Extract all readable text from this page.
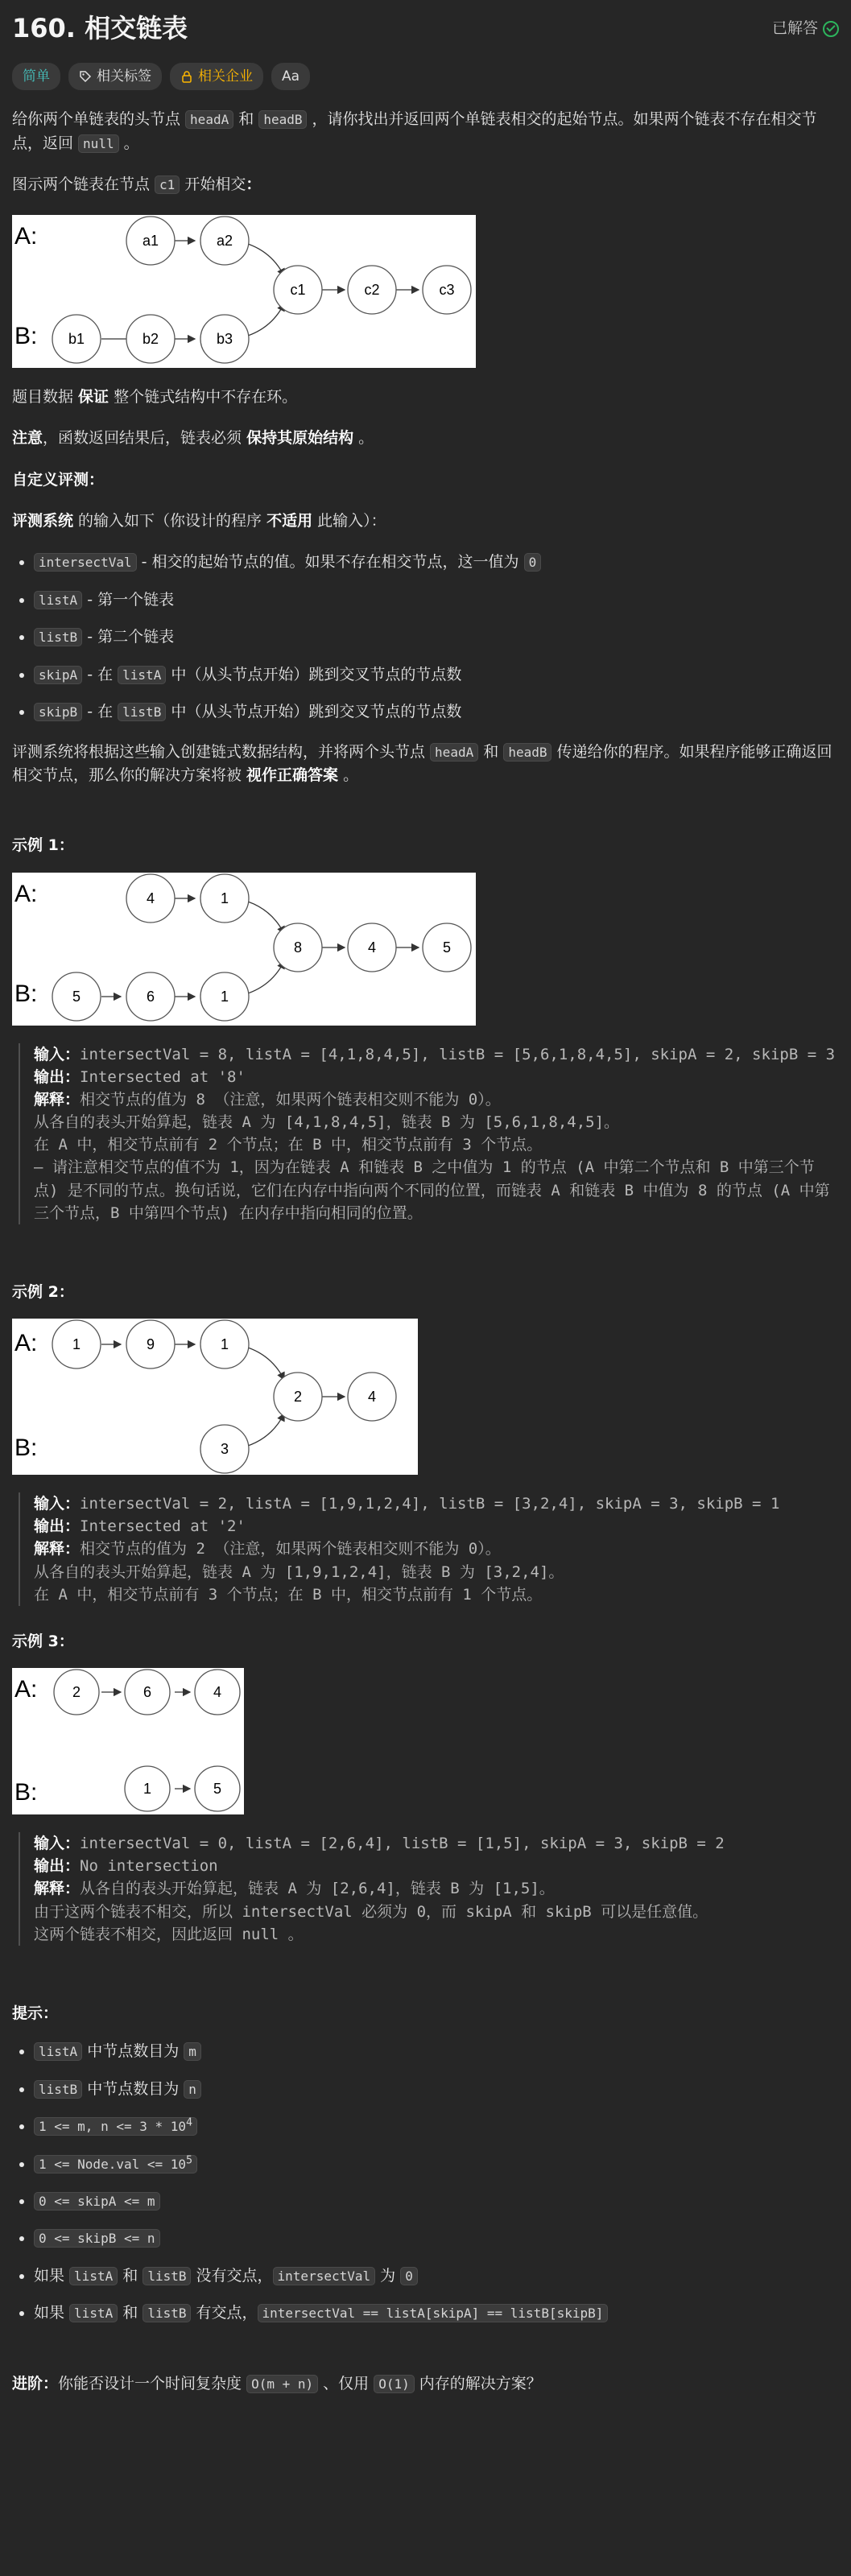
160. 相交链表	已解答
简单	相关标签	相关企业 Aa

给你两个单链表的头节点 headA 和 headB ，请你找出并返回两个单链表相交的起始节点。如果两个链表不存在相交节点，返回 null 。

图示两个链表在节点 c1 开始相交：

A:
B:
a1	a2
b1	b2	b3
c1	c2	c3

题目数据 保证 整个链式结构中不存在环。

注意，函数返回结果后，链表必须 保持其原始结构 。

自定义评测：

评测系统 的输入如下（你设计的程序 不适用 此输入）：

• intersectVal - 相交的起始节点的值。如果不存在相交节点，这一值为 0
• listA - 第一个链表
• listB - 第二个链表
• skipA - 在 listA 中（从头节点开始）跳到交叉节点的节点数
• skipB - 在 listB 中（从头节点开始）跳到交叉节点的节点数

评测系统将根据这些输入创建链式数据结构，并将两个头节点 headA 和 headB 传递给你的程序。如果程序能够正确返回相交节点，那么你的解决方案将被 视作正确答案 。

示例 1：

A:
B:
4	1
5	6	1
8	4	5
输入：intersectVal = 8, listA = [4,1,8,4,5], listB = [5,6,1,8,4,5], skipA = 2, skipB = 3
输出：Intersected at '8'
解释：相交节点的值为 8 （注意，如果两个链表相交则不能为 0）。
从各自的表头开始算起，链表 A 为 [4,1,8,4,5]，链表 B 为 [5,6,1,8,4,5]。
在 A 中，相交节点前有 2 个节点；在 B 中，相交节点前有 3 个节点。
— 请注意相交节点的值不为 1，因为在链表 A 和链表 B 之中值为 1 的节点 (A 中第二个节点和 B 中第三个节点) 是不同的节点。换句话说，它们在内存中指向两个不同的位置，而链表 A 和链表 B 中值为 8 的节点 (A 中第三个节点，B 中第四个节点) 在内存中指向相同的位置。

示例 2：

A:
B:
1	9	1
3
2	4
输入：intersectVal = 2, listA = [1,9,1,2,4], listB = [3,2,4], skipA = 3, skipB = 1
输出：Intersected at '2'
解释：相交节点的值为 2 （注意，如果两个链表相交则不能为 0）。
从各自的表头开始算起，链表 A 为 [1,9,1,2,4]，链表 B 为 [3,2,4]。
在 A 中，相交节点前有 3 个节点；在 B 中，相交节点前有 1 个节点。

示例 3：

A:
B:
2	6	4
1	5
输入：intersectVal = 0, listA = [2,6,4], listB = [1,5], skipA = 3, skipB = 2
输出：No intersection
解释：从各自的表头开始算起，链表 A 为 [2,6,4]，链表 B 为 [1,5]。
由于这两个链表不相交，所以 intersectVal 必须为 0，而 skipA 和 skipB 可以是任意值。
这两个链表不相交，因此返回 null 。

提示：

• listA 中节点数目为 m
• listB 中节点数目为 n
• 1 <= m, $n <= 3 * 10^4$
• 1 <= Node.val <= $10^5$
• 0 <= skipA <= m
• 0 <= skipB <= n
• 如果 listA 和 listB 没有交点， intersectVal 为 0
• 如果 listA 和 listB 有交点， intersectVal == listA[skipA] == listB[skipB]

进阶：你能否设计一个时间复杂度 O(m + n) 、仅用 O(1) 内存的解决方案？
